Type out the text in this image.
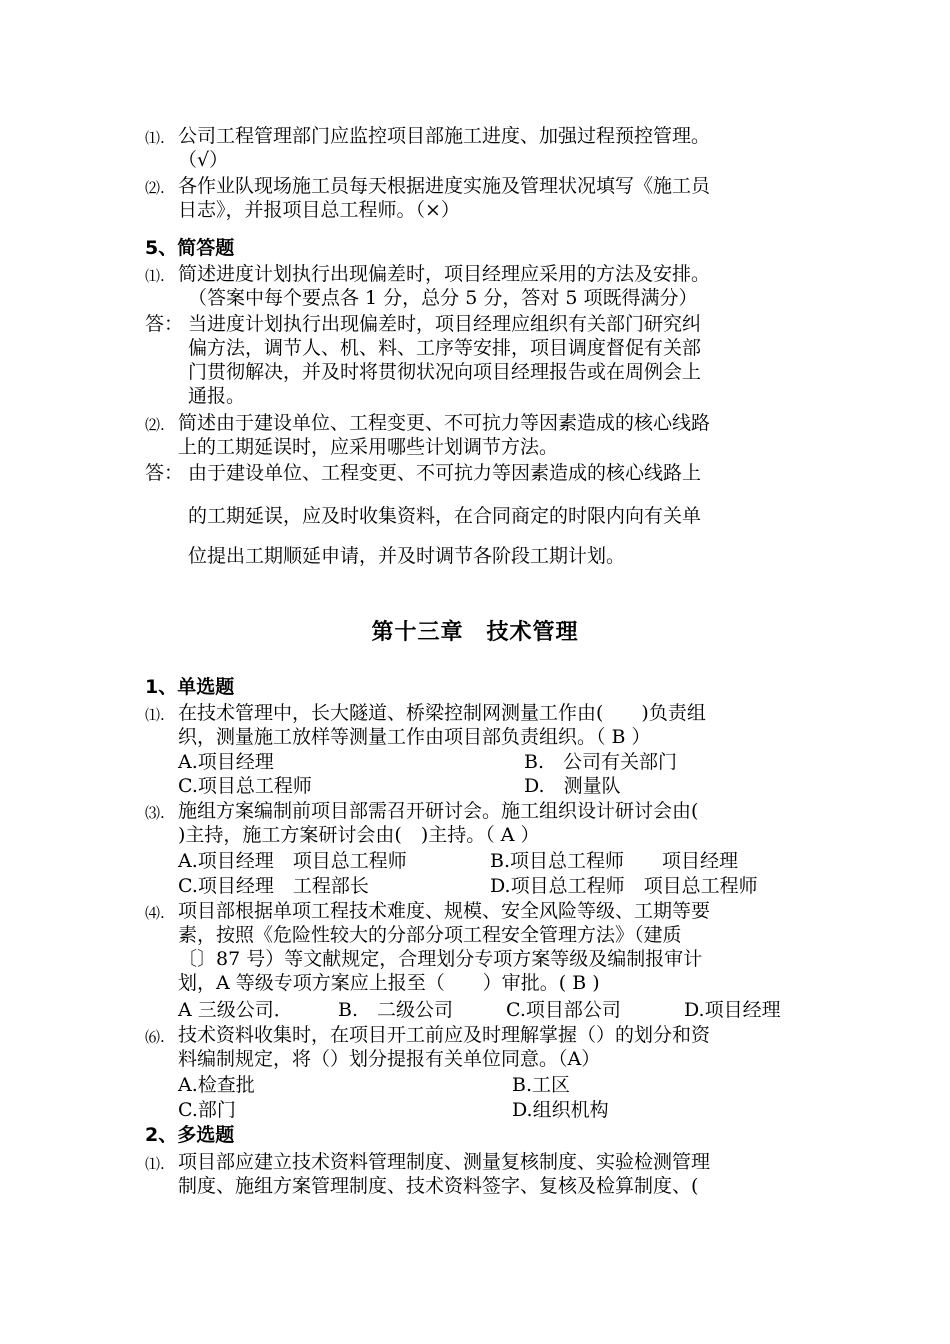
⑴. 公司工程管理部门应监控项目部施工进度、加强过程预控管理。
（√）
⑵. 各作业队现场施工员每天根据进度实施及管理状况填写《施工员
日志》，并报项目总工程师。（×）
5、简答题
⑴. 简述进度计划执行出现偏差时，项目经理应采用的方法及安排。
（答案中每个要点各 1 分，总分 5 分，答对 5 项既得满分）
答： 当进度计划执行出现偏差时，项目经理应组织有关部门研究纠
偏方法，调节人、机、料、工序等安排，项目调度督促有关部
门贯彻解决，并及时将贯彻状况向项目经理报告或在周例会上
通报。
⑵. 简述由于建设单位、工程变更、不可抗力等因素造成的核心线路
上的工期延误时，应采用哪些计划调节方法。
答： 由于建设单位、工程变更、不可抗力等因素造成的核心线路上
的工期延误，应及时收集资料，在合同商定的时限内向有关单
位提出工期顺延申请，并及时调节各阶段工期计划。
第十三章　技术管理
1、单选题
⑴. 在技术管理中，长大隧道、桥梁控制网测量工作由(　　)负责组
织，测量施工放样等测量工作由项目部负责组织。（ B ）
A.项目经理	B.　公司有关部门
C.项目总工程师	D.　测量队
⑶. 施组方案编制前项目部需召开研讨会。施工组织设计研讨会由(
)主持，施工方案研讨会由(　)主持。（ A ）
A.项目经理　项目总工程师	B.项目总工程师　　项目经理
C.项目经理　工程部长	D.项目总工程师　项目总工程师
⑷. 项目部根据单项工程技术难度、规模、安全风险等级、工期等要
素，按照《危险性较大的分部分项工程安全管理方法》（建质
〔〕87 号）等文献规定，合理划分专项方案等级及编制报审计
划，A 等级专项方案应上报至（　　）审批。( B )
A 三级公司． B.　二级公司	C.项目部公司	D.项目经理
⑹. 技术资料收集时，在项目开工前应及时理解掌握（）的划分和资
料编制规定，将（）划分提报有关单位同意。（A）
A.检查批	B.工区
C.部门	D.组织机构
2、多选题
⑴. 项目部应建立技术资料管理制度、测量复核制度、实验检测管理
制度、施组方案管理制度、技术资料签字、复核及检算制度、(
